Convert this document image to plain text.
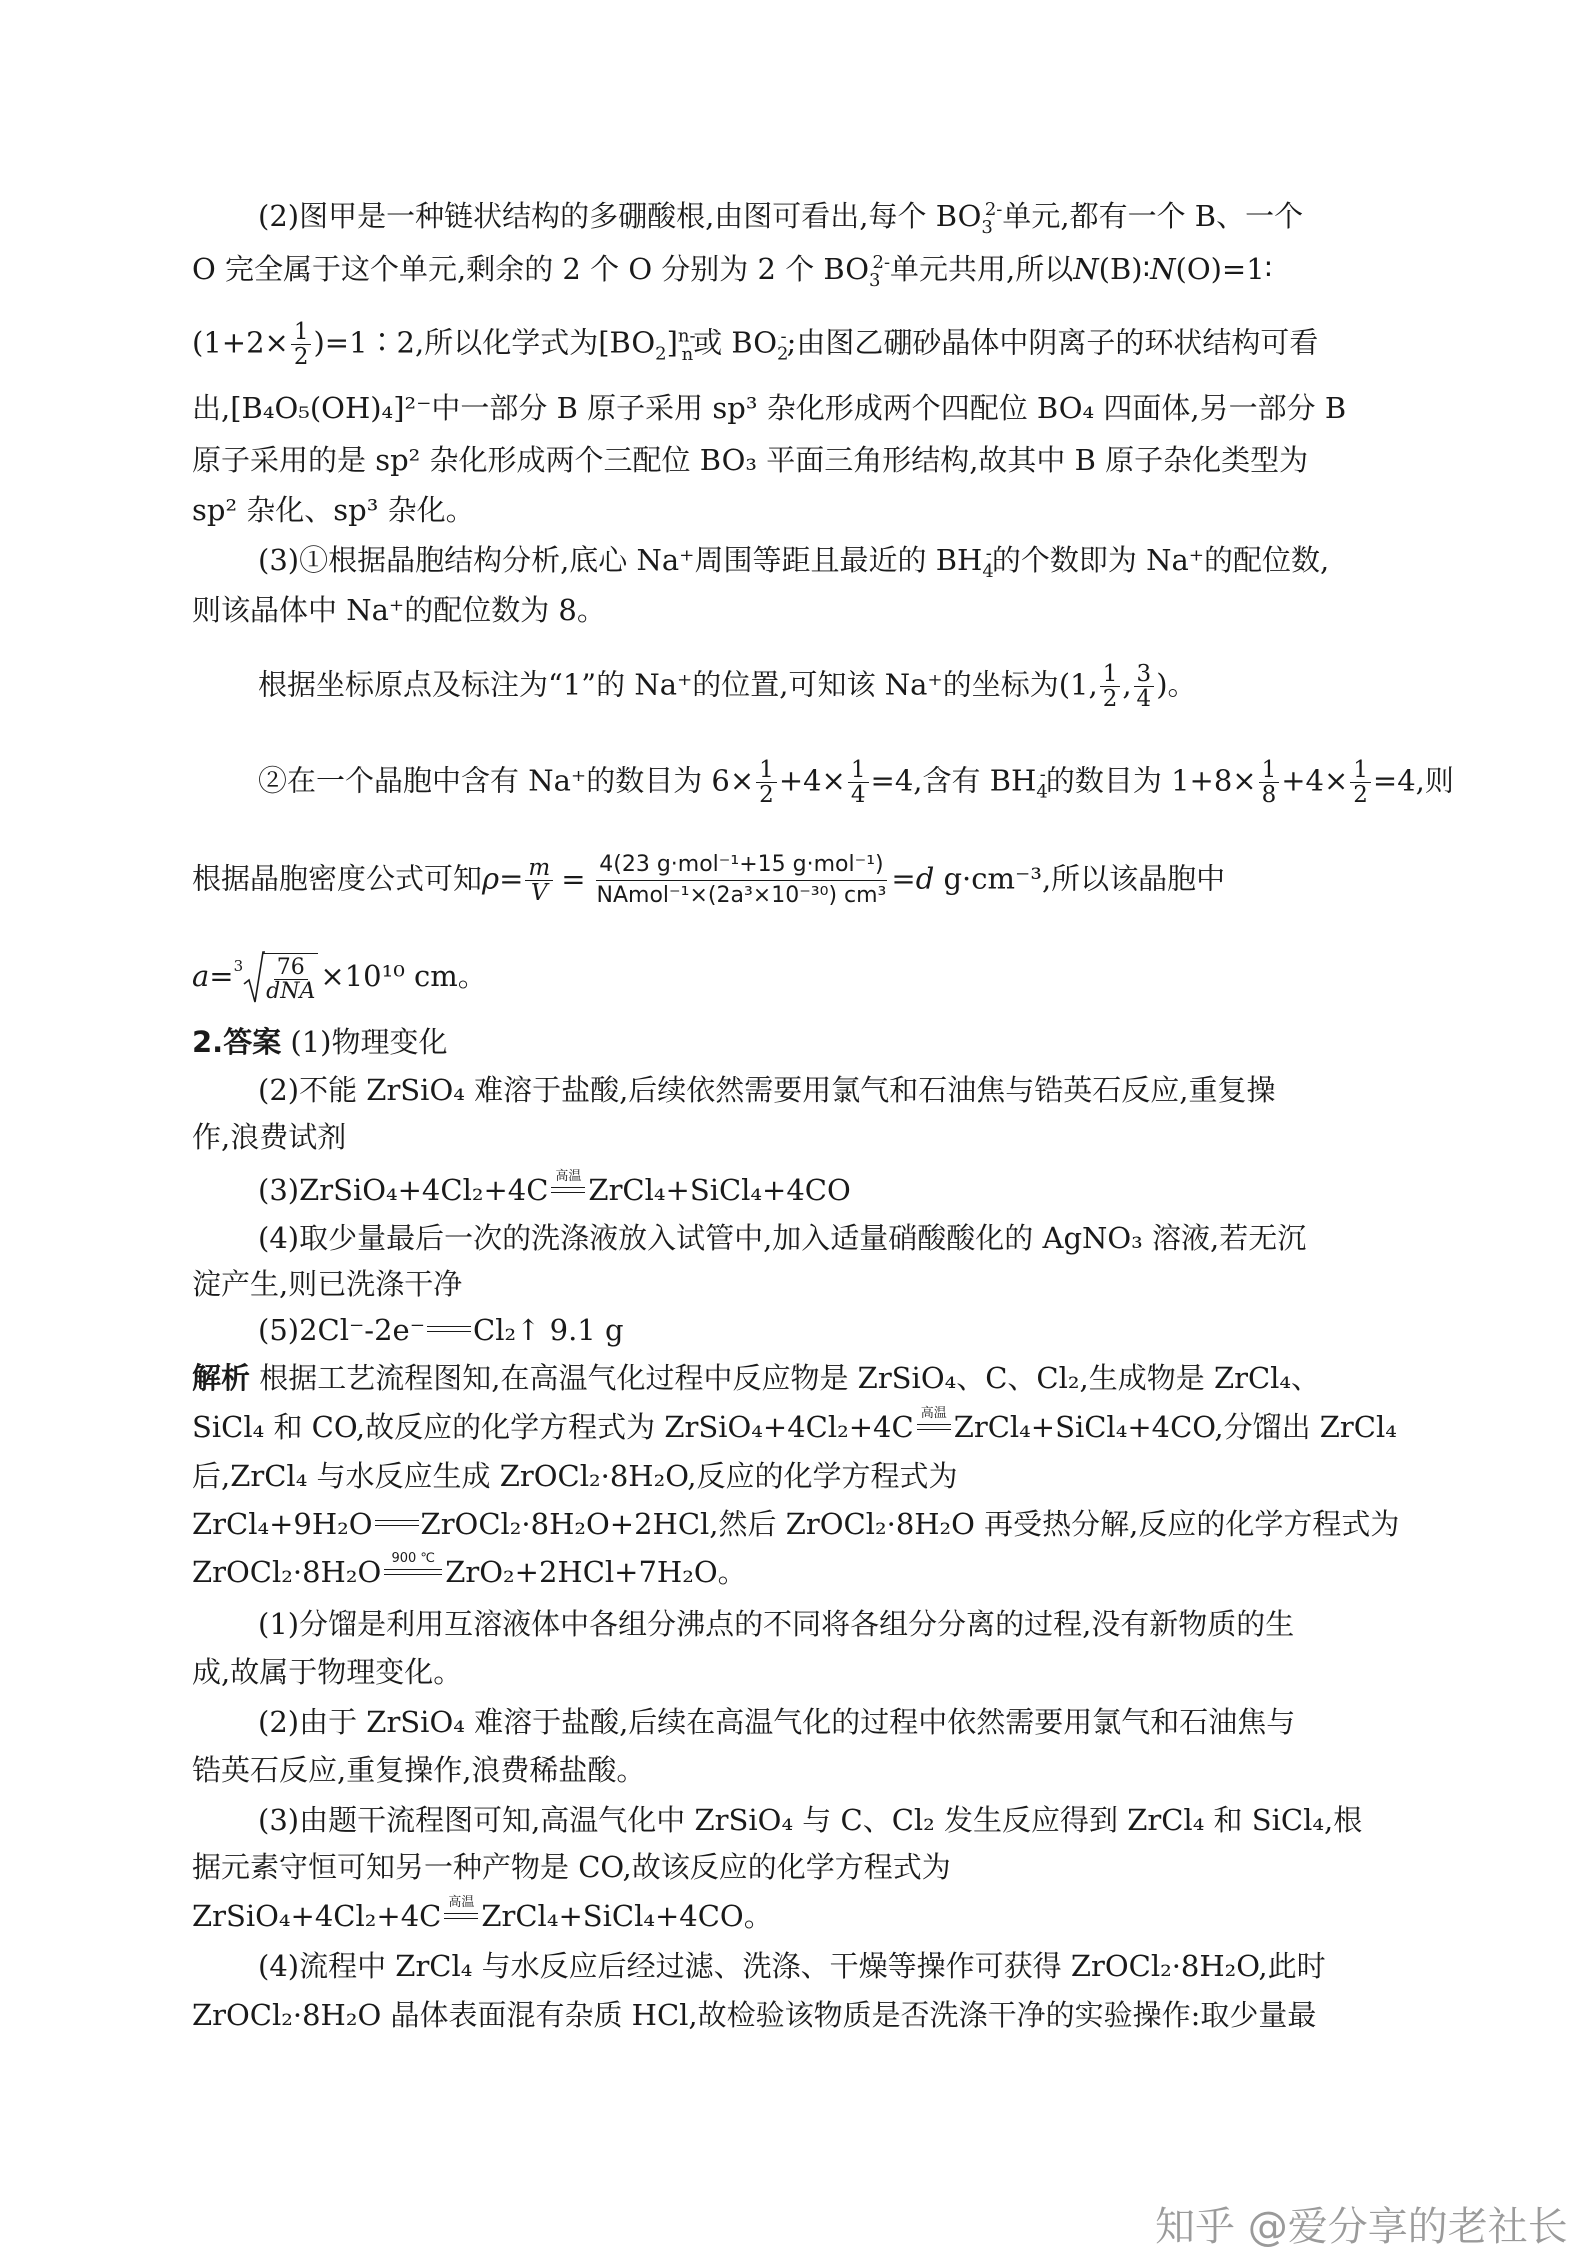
(2)图甲是一种链状结构的多硼酸根,由图可看出,每个 $BO_3^{2-}$单元,都有一个 B、一个
O 完全属于这个单元,剩余的 2 个 O 分别为 2 个 $BO_3^{2-}$单元共用,所以N(B)∶N(O)=1∶
($1+2\times \frac{1}{2}$ )=1∶2,所以化学式为$[BO_2]^{n-}_n$或 $BO_2^-$;由图乙硼砂晶体中阴离子的环状结构可看
出,[B₄O₅(OH)₄]²⁻中一部分 B 原子采用 sp³ 杂化形成两个四配位 BO₄ 四面体,另一部分 B
原子采用的是 sp² 杂化形成两个三配位 BO₃ 平面三角形结构,故其中 B 原子杂化类型为
sp² 杂化、sp³ 杂化。
(3)①根据晶胞结构分析,底心 Na⁺周围等距且最近的 $BH_4^-$的个数即为 Na⁺的配位数,
则该晶体中 Na⁺的配位数为 8。
根据坐标原点及标注为“1”的 Na⁺的位置,可知该 Na⁺的坐标为(1, $\frac{1}{2}$ , $\frac{3}{4}$ )。
②在一个晶胞中含有 Na⁺的数目为 $6\times \frac{1}{2} +4\times \frac{1}{4} =4$,含有 $BH_4^-$的数目为 $1+8\times \frac{1}{8} +4\times \frac{1}{2} =4$,则
根据晶胞密度公式可知$\rho= \frac{m}{V} = 4(23$ g·mol⁻¹+15 g·mol⁻¹)
NAmol⁻¹×(2a³×10⁻³⁰) cm³ =d g·cm⁻³,所以该晶胞中
a=$^3$ 76
dNA ×10¹⁰ cm。
2.答案 (1)物理变化
(2)不能 ZrSiO₄ 难溶于盐酸,后续依然需要用氯气和石油焦与锆英石反应,重复操
作,浪费试剂
(3)ZrSiO₄+4Cl₂+4C 高温 ZrCl₄+SiCl₄+4CO
(4)取少量最后一次的洗涤液放入试管中,加入适量硝酸酸化的 AgNO₃ 溶液,若无沉
淀产生,则已洗涤干净
(5)2Cl⁻-2e⁻ Cl₂↑ 9.1 g
解析 根据工艺流程图知,在高温气化过程中反应物是 ZrSiO₄、C、Cl₂,生成物是 ZrCl₄、
SiCl₄ 和 CO,故反应的化学方程式为 ZrSiO₄+4Cl₂+4C 高温 ZrCl₄+SiCl₄+4CO,分馏出 ZrCl₄
后,ZrCl₄ 与水反应生成 ZrOCl₂·8H₂O,反应的化学方程式为
ZrCl₄+9H₂O ZrOCl₂·8H₂O+2HCl,然后 ZrOCl₂·8H₂O 再受热分解,反应的化学方程式为
ZrOCl₂·8H₂O 900 ℃ ZrO₂+2HCl+7H₂O。
(1)分馏是利用互溶液体中各组分沸点的不同将各组分分离的过程,没有新物质的生
成,故属于物理变化。
(2)由于 ZrSiO₄ 难溶于盐酸,后续在高温气化的过程中依然需要用氯气和石油焦与
锆英石反应,重复操作,浪费稀盐酸。
(3)由题干流程图可知,高温气化中 ZrSiO₄ 与 C、Cl₂ 发生反应得到 ZrCl₄ 和 SiCl₄,根
据元素守恒可知另一种产物是 CO,故该反应的化学方程式为
ZrSiO₄+4Cl₂+4C 高温 ZrCl₄+SiCl₄+4CO。
(4)流程中 ZrCl₄ 与水反应后经过滤、洗涤、干燥等操作可获得 ZrOCl₂·8H₂O,此时
ZrOCl₂·8H₂O 晶体表面混有杂质 HCl,故检验该物质是否洗涤干净的实验操作:取少量最
知乎 @爱分享的老社长
